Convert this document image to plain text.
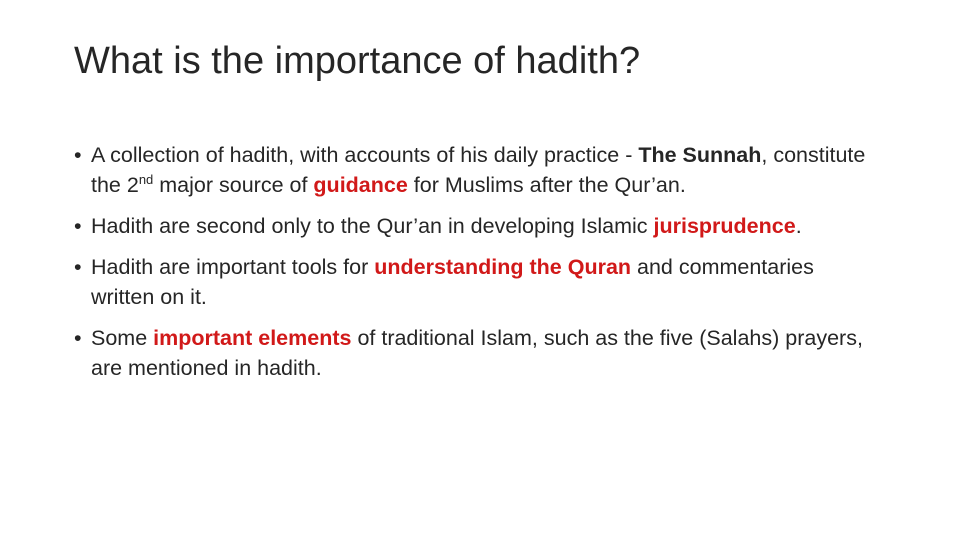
What is the importance of hadith?
• A collection of hadith, with accounts of his daily practice - The Sunnah, constitute the 2nd major source of guidance for Muslims after the Qur’an.
• Hadith are second only to the Qur’an in developing Islamic jurisprudence.
• Hadith are important tools for understanding the Quran and commentaries written on it.
• Some important elements of traditional Islam, such as the five (Salahs) prayers, are mentioned in hadith.
